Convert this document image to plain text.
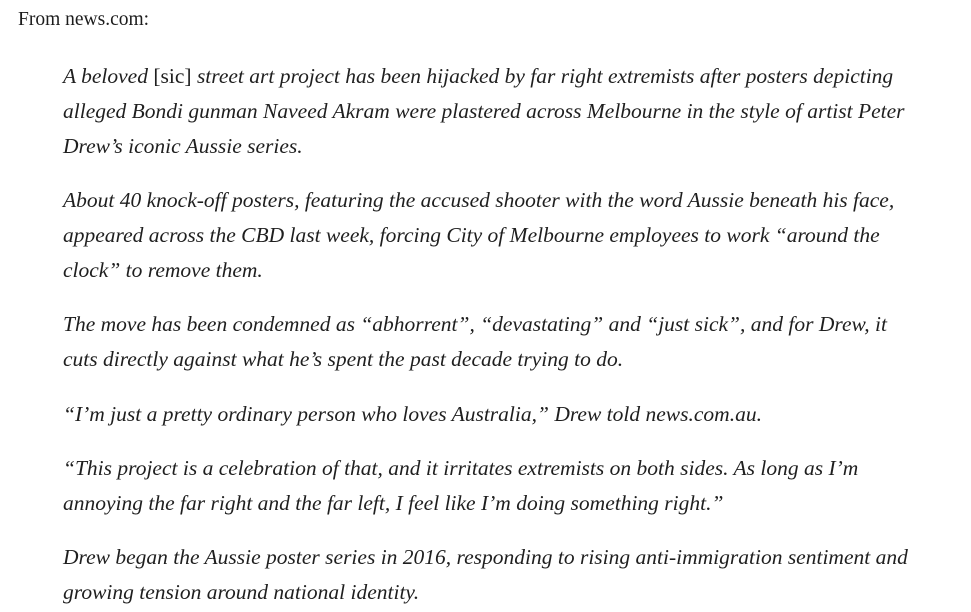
From news.com:

A beloved [sic] street art project has been hijacked by far right extremists after posters depicting alleged Bondi gunman Naveed Akram were plastered across Melbourne in the style of artist Peter Drew’s iconic Aussie series.

About 40 knock-off posters, featuring the accused shooter with the word Aussie beneath his face, appeared across the CBD last week, forcing City of Melbourne employees to work “around the clock” to remove them.

The move has been condemned as “abhorrent”, “devastating” and “just sick”, and for Drew, it cuts directly against what he’s spent the past decade trying to do.

“I’m just a pretty ordinary person who loves Australia,” Drew told news.com.au.

“This project is a celebration of that, and it irritates extremists on both sides. As long as I’m annoying the far right and the far left, I feel like I’m doing something right.”

Drew began the Aussie poster series in 2016, responding to rising anti-immigration sentiment and growing tension around national identity.
